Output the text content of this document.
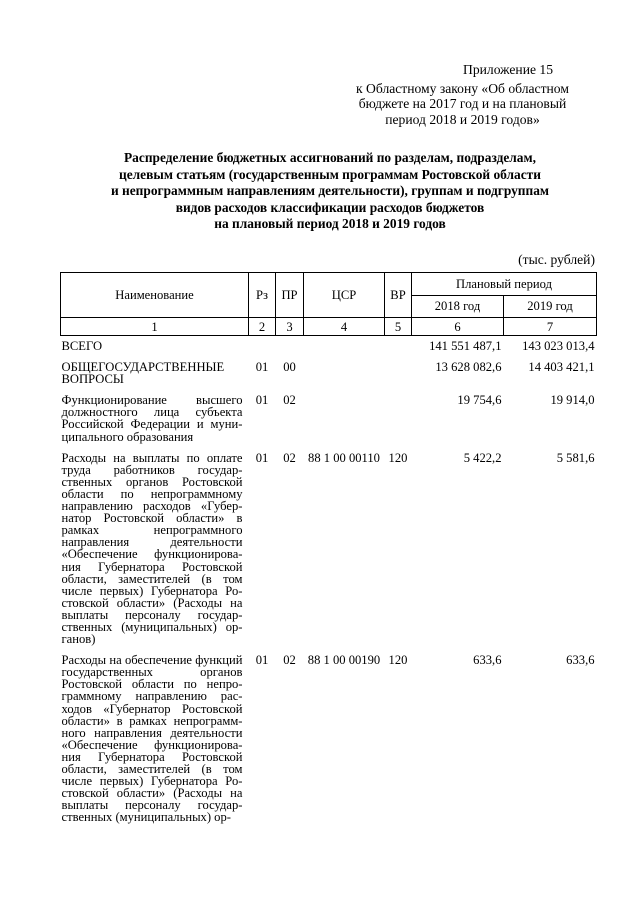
Приложение 15
к Областному закону «Об областном
бюджете на 2017 год и на плановый
период 2018 и 2019 годов»
Распределение бюджетных ассигнований по разделам, подразделам,
целевым статьям (государственным программам Ростовской области
и непрограммным направлениям деятельности), группам и подгруппам
видов расходов классификации расходов бюджетов
на плановый период 2018 и 2019 годов
(тыс. рублей)
Наименование	Рз	ПР	ЦСР	ВР	Плановый период	
					2018 год	2019 год
1	2	3	4	5	6	7

ВСЕГО					141 551 487,1	143 023 013,4
ОБЩЕГОСУДАРСТВЕННЫЕ ВОПРОСЫ	01	00			13 628 082,6	14 403 421,1
Функционирование высшего должностного лица субъекта Российской Федерации и муниципального образования	01	02			19 754,6	19 914,0
Расходы на выплаты по оплате труда работников государственных органов Ростовской области по непрограммному направлению расходов «Губернатор Ростовской области» в рамках непрограммного направления деятельности «Обеспечение функционирования Губернатора Ростовской области, заместителей (в том числе первых) Губернатора Ростовской области» (Расходы на выплаты персоналу государственных (муниципальных) органов)	01	02	88 1 00 00110	120	5 422,2	5 581,6
Расходы на обеспечение функций государственных органов Ростовской области по непрограммному направлению расходов «Губернатор Ростовской области» в рамках непрограммного направления деятельности «Обеспечение функционирования Губернатора Ростовской области, заместителей (в том числе первых) Губернатора Ростовской области» (Расходы на выплаты персоналу государственных (муниципальных) ор-	01	02	88 1 00 00190	120	633,6	633,6
